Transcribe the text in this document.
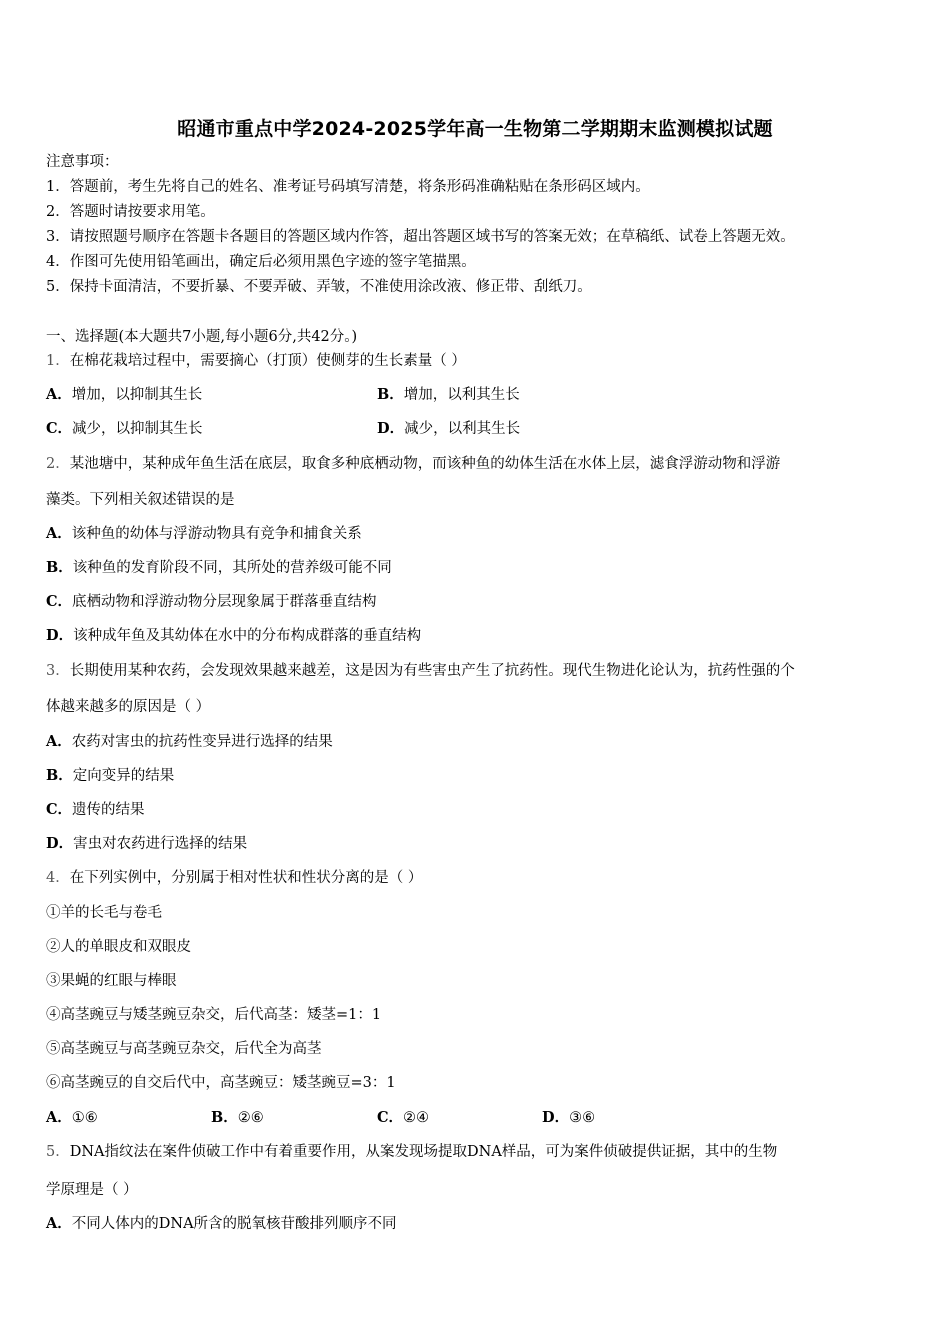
昭通市重点中学2024-2025学年高一生物第二学期期末监测模拟试题
注意事项：
1．答题前，考生先将自己的姓名、准考证号码填写清楚，将条形码准确粘贴在条形码区域内。
2．答题时请按要求用笔。
3．请按照题号顺序在答题卡各题目的答题区域内作答，超出答题区域书写的答案无效；在草稿纸、试卷上答题无效。
4．作图可先使用铅笔画出，确定后必须用黑色字迹的签字笔描黑。
5．保持卡面清洁，不要折暴、不要弄破、弄皱，不准使用涂改液、修正带、刮纸刀。
一、选择题(本大题共7小题,每小题6分,共42分。)
1．在棉花栽培过程中，需要摘心（打顶）使侧芽的生长素量（ ）
A．增加，以抑制其生长	B．增加，以利其生长
C．减少，以抑制其生长	D．减少，以利其生长
2．某池塘中，某种成年鱼生活在底层，取食多种底栖动物，而该种鱼的幼体生活在水体上层，滤食浮游动物和浮游
藻类。下列相关叙述错误的是
A．该种鱼的幼体与浮游动物具有竞争和捕食关系
B．该种鱼的发育阶段不同，其所处的营养级可能不同
C．底栖动物和浮游动物分层现象属于群落垂直结构
D．该种成年鱼及其幼体在水中的分布构成群落的垂直结构
3．长期使用某种农药，会发现效果越来越差，这是因为有些害虫产生了抗药性。现代生物进化论认为，抗药性强的个
体越来越多的原因是（ ）
A．农药对害虫的抗药性变异进行选择的结果
B．定向变异的结果
C．遗传的结果
D．害虫对农药进行选择的结果
4．在下列实例中，分别属于相对性状和性状分离的是（ ）
①羊的长毛与卷毛
②人的单眼皮和双眼皮
③果蝇的红眼与棒眼
④高茎豌豆与矮茎豌豆杂交，后代高茎：矮茎=1：1
⑤高茎豌豆与高茎豌豆杂交，后代全为高茎
⑥高茎豌豆的自交后代中，高茎豌豆：矮茎豌豆=3：1
A．①⑥	B．②⑥	C．②④	D．③⑥
5．DNA指纹法在案件侦破工作中有着重要作用，从案发现场提取DNA样品，可为案件侦破提供证据，其中的生物
学原理是（ ）
A．不同人体内的DNA所含的脱氧核苷酸排列顺序不同
